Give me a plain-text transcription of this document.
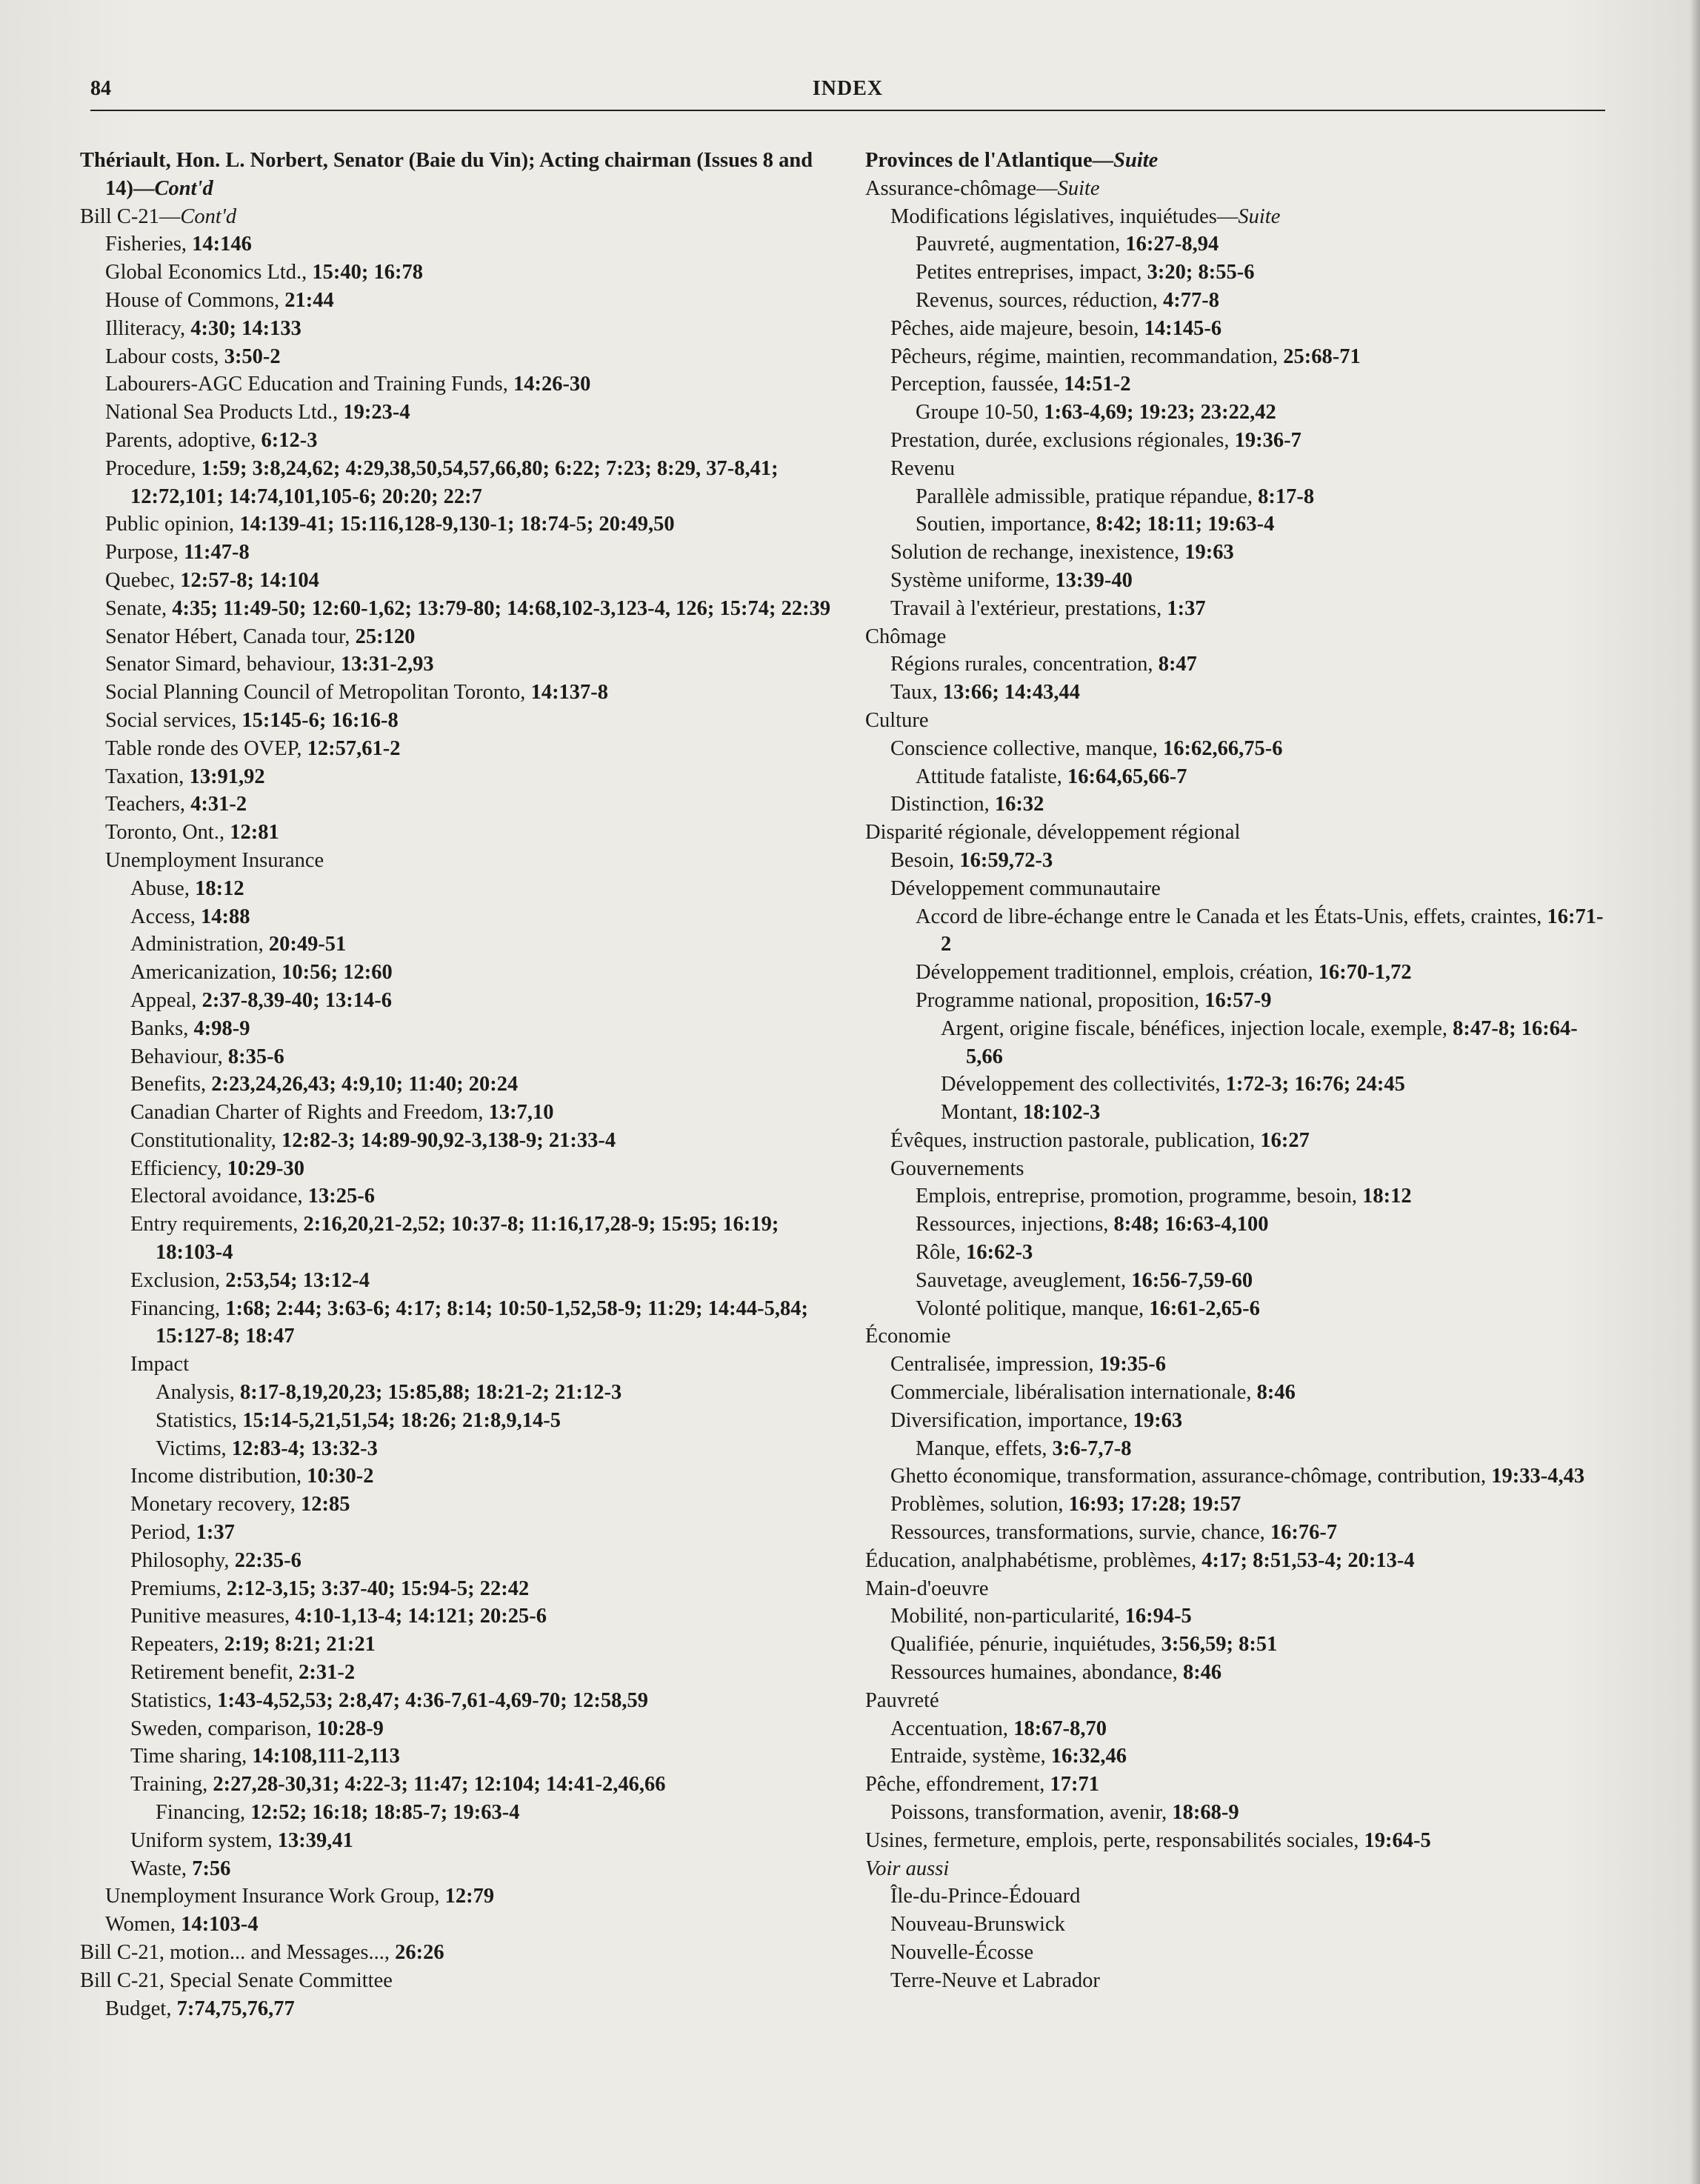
84	INDEX
Thériault, Hon. L. Norbert, Senator (Baie du Vin); Acting chairman (Issues 8 and 14)—Cont'd
Bill C-21—Cont'd
Fisheries, 14:146
Global Economics Ltd., 15:40; 16:78
House of Commons, 21:44
Illiteracy, 4:30; 14:133
Labour costs, 3:50-2
Labourers-AGC Education and Training Funds, 14:26-30
National Sea Products Ltd., 19:23-4
Parents, adoptive, 6:12-3
Procedure, 1:59; 3:8,24,62; 4:29,38,50,54,57,66,80; 6:22; 7:23; 8:29, 37-8,41; 12:72,101; 14:74,101,105-6; 20:20; 22:7
Public opinion, 14:139-41; 15:116,128-9,130-1; 18:74-5; 20:49,50
Purpose, 11:47-8
Quebec, 12:57-8; 14:104
Senate, 4:35; 11:49-50; 12:60-1,62; 13:79-80; 14:68,102-3,123-4, 126; 15:74; 22:39
Senator Hébert, Canada tour, 25:120
Senator Simard, behaviour, 13:31-2,93
Social Planning Council of Metropolitan Toronto, 14:137-8
Social services, 15:145-6; 16:16-8
Table ronde des OVEP, 12:57,61-2
Taxation, 13:91,92
Teachers, 4:31-2
Toronto, Ont., 12:81
Unemployment Insurance
Abuse, 18:12
Access, 14:88
Administration, 20:49-51
Americanization, 10:56; 12:60
Appeal, 2:37-8,39-40; 13:14-6
Banks, 4:98-9
Behaviour, 8:35-6
Benefits, 2:23,24,26,43; 4:9,10; 11:40; 20:24
Canadian Charter of Rights and Freedom, 13:7,10
Constitutionality, 12:82-3; 14:89-90,92-3,138-9; 21:33-4
Efficiency, 10:29-30
Electoral avoidance, 13:25-6
Entry requirements, 2:16,20,21-2,52; 10:37-8; 11:16,17,28-9; 15:95; 16:19; 18:103-4
Exclusion, 2:53,54; 13:12-4
Financing, 1:68; 2:44; 3:63-6; 4:17; 8:14; 10:50-1,52,58-9; 11:29; 14:44-5,84; 15:127-8; 18:47
Impact
Analysis, 8:17-8,19,20,23; 15:85,88; 18:21-2; 21:12-3
Statistics, 15:14-5,21,51,54; 18:26; 21:8,9,14-5
Victims, 12:83-4; 13:32-3
Income distribution, 10:30-2
Monetary recovery, 12:85
Period, 1:37
Philosophy, 22:35-6
Premiums, 2:12-3,15; 3:37-40; 15:94-5; 22:42
Punitive measures, 4:10-1,13-4; 14:121; 20:25-6
Repeaters, 2:19; 8:21; 21:21
Retirement benefit, 2:31-2
Statistics, 1:43-4,52,53; 2:8,47; 4:36-7,61-4,69-70; 12:58,59
Sweden, comparison, 10:28-9
Time sharing, 14:108,111-2,113
Training, 2:27,28-30,31; 4:22-3; 11:47; 12:104; 14:41-2,46,66
Financing, 12:52; 16:18; 18:85-7; 19:63-4
Uniform system, 13:39,41
Waste, 7:56
Unemployment Insurance Work Group, 12:79
Women, 14:103-4
Bill C-21, motion... and Messages..., 26:26
Bill C-21, Special Senate Committee
Budget, 7:74,75,76,77
Provinces de l'Atlantique—Suite
Assurance-chômage—Suite
Modifications législatives, inquiétudes—Suite
Pauvreté, augmentation, 16:27-8,94
Petites entreprises, impact, 3:20; 8:55-6
Revenus, sources, réduction, 4:77-8
Pêches, aide majeure, besoin, 14:145-6
Pêcheurs, régime, maintien, recommandation, 25:68-71
Perception, faussée, 14:51-2
Groupe 10-50, 1:63-4,69; 19:23; 23:22,42
Prestation, durée, exclusions régionales, 19:36-7
Revenu
Parallèle admissible, pratique répandue, 8:17-8
Soutien, importance, 8:42; 18:11; 19:63-4
Solution de rechange, inexistence, 19:63
Système uniforme, 13:39-40
Travail à l'extérieur, prestations, 1:37
Chômage
Régions rurales, concentration, 8:47
Taux, 13:66; 14:43,44
Culture
Conscience collective, manque, 16:62,66,75-6
Attitude fataliste, 16:64,65,66-7
Distinction, 16:32
Disparité régionale, développement régional
Besoin, 16:59,72-3
Développement communautaire
Accord de libre-échange entre le Canada et les États-Unis, effets, craintes, 16:71-2
Développement traditionnel, emplois, création, 16:70-1,72
Programme national, proposition, 16:57-9
Argent, origine fiscale, bénéfices, injection locale, exemple, 8:47-8; 16:64-5,66
Développement des collectivités, 1:72-3; 16:76; 24:45
Montant, 18:102-3
Évêques, instruction pastorale, publication, 16:27
Gouvernements
Emplois, entreprise, promotion, programme, besoin, 18:12
Ressources, injections, 8:48; 16:63-4,100
Rôle, 16:62-3
Sauvetage, aveuglement, 16:56-7,59-60
Volonté politique, manque, 16:61-2,65-6
Économie
Centralisée, impression, 19:35-6
Commerciale, libéralisation internationale, 8:46
Diversification, importance, 19:63
Manque, effets, 3:6-7,7-8
Ghetto économique, transformation, assurance-chômage, contribution, 19:33-4,43
Problèmes, solution, 16:93; 17:28; 19:57
Ressources, transformations, survie, chance, 16:76-7
Éducation, analphabétisme, problèmes, 4:17; 8:51,53-4; 20:13-4
Main-d'oeuvre
Mobilité, non-particularité, 16:94-5
Qualifiée, pénurie, inquiétudes, 3:56,59; 8:51
Ressources humaines, abondance, 8:46
Pauvreté
Accentuation, 18:67-8,70
Entraide, système, 16:32,46
Pêche, effondrement, 17:71
Poissons, transformation, avenir, 18:68-9
Usines, fermeture, emplois, perte, responsabilités sociales, 19:64-5
Voir aussi
Île-du-Prince-Édouard
Nouveau-Brunswick
Nouvelle-Écosse
Terre-Neuve et Labrador
